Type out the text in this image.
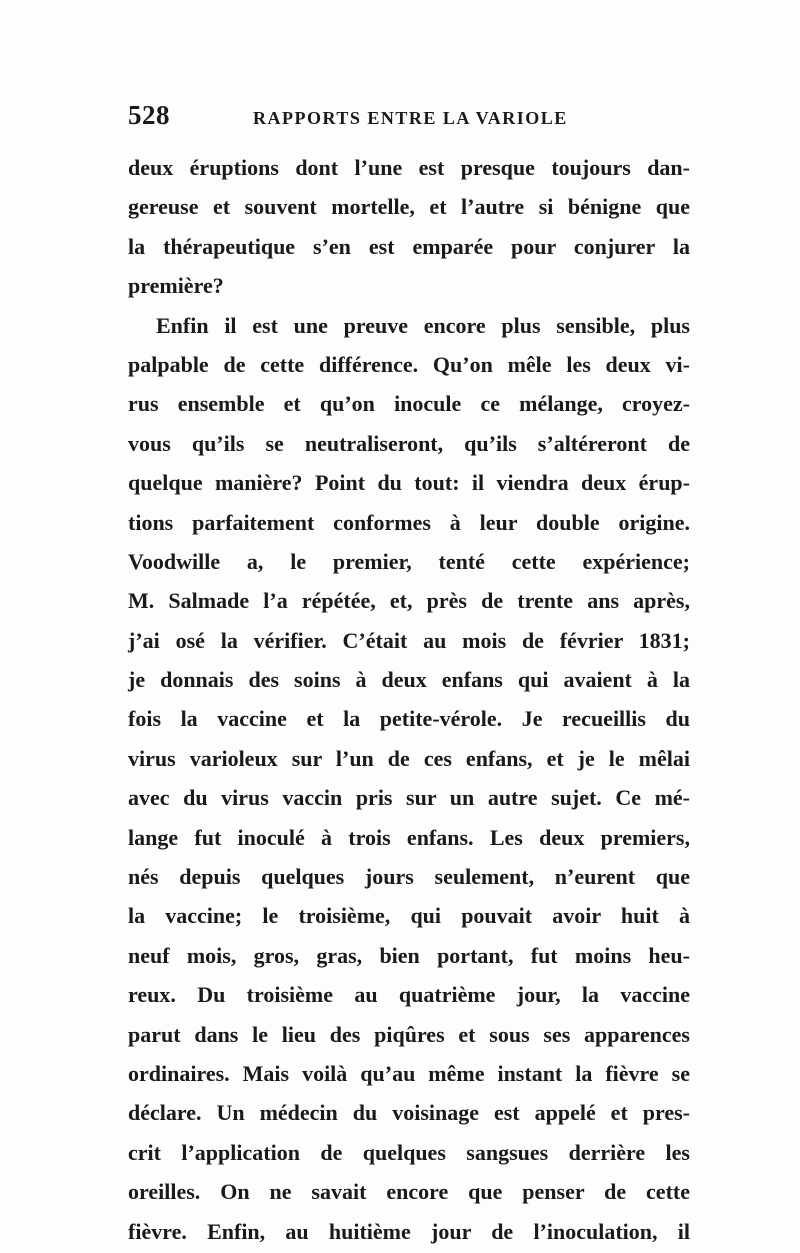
528	RAPPORTS ENTRE LA VARIOLE
deux éruptions dont l’une est presque toujours dan-
gereuse et souvent mortelle, et l’autre si bénigne que
la thérapeutique s’en est emparée pour conjurer la
première?
Enfin il est une preuve encore plus sensible, plus
palpable de cette différence. Qu’on mêle les deux vi-
rus ensemble et qu’on inocule ce mélange, croyez-
vous qu’ils se neutraliseront, qu’ils s’altéreront de
quelque manière? Point du tout: il viendra deux érup-
tions parfaitement conformes à leur double origine.
Voodwille a, le premier, tenté cette expérience;
M. Salmade l’a répétée, et, près de trente ans après,
j’ai osé la vérifier. C’était au mois de février 1831;
je donnais des soins à deux enfans qui avaient à la
fois la vaccine et la petite-vérole. Je recueillis du
virus varioleux sur l’un de ces enfans, et je le mêlai
avec du virus vaccin pris sur un autre sujet. Ce mé-
lange fut inoculé à trois enfans. Les deux premiers,
nés depuis quelques jours seulement, n’eurent que
la vaccine; le troisième, qui pouvait avoir huit à
neuf mois, gros, gras, bien portant, fut moins heu-
reux. Du troisième au quatrième jour, la vaccine
parut dans le lieu des piqûres et sous ses apparences
ordinaires. Mais voilà qu’au même instant la fièvre se
déclare. Un médecin du voisinage est appelé et pres-
crit l’application de quelques sangsues derrière les
oreilles. On ne savait encore que penser de cette
fièvre. Enfin, au huitième jour de l’inoculation, il
